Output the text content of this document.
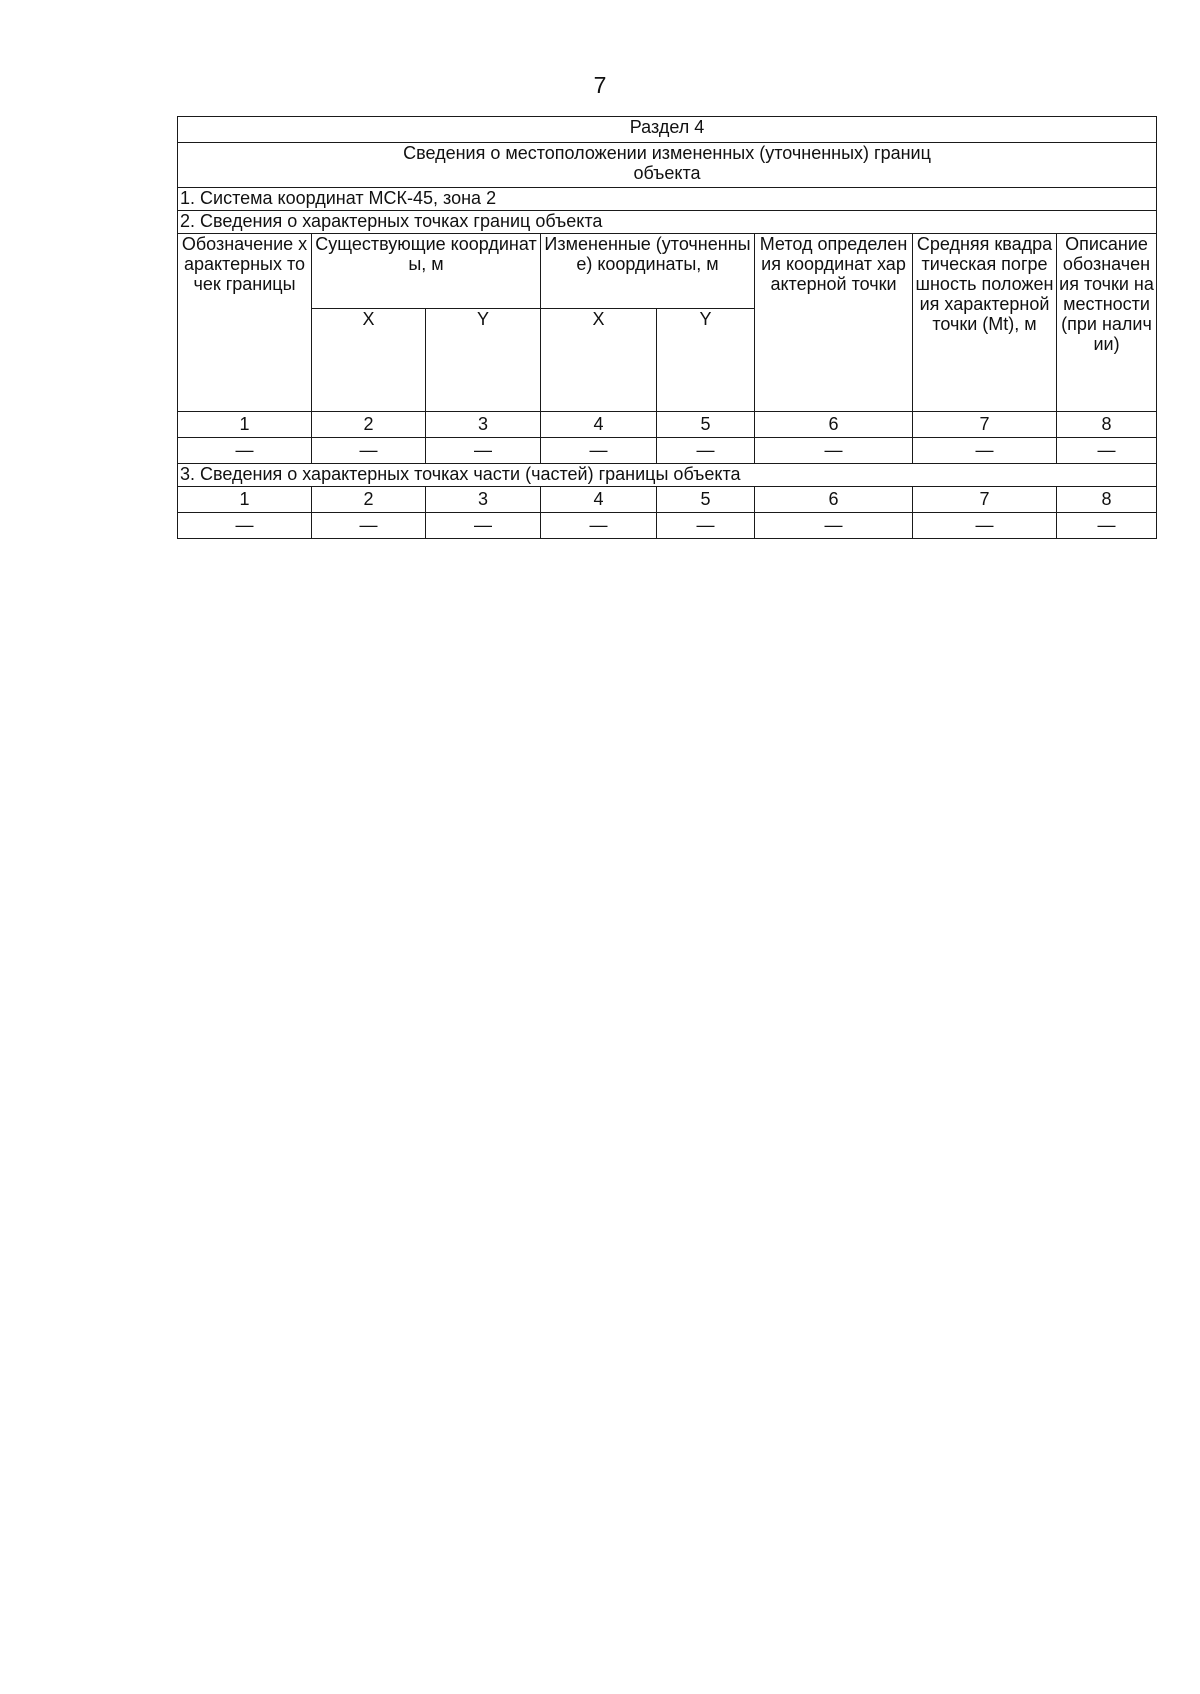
7
Раздел 4							

Сведения о местоположении измененных (уточненных) границ
объекта							

1. Система координат МСК-45, зона 2							
2. Сведения о характерных точках границ объекта							
Обозначение характерных точек границы	Существующие координаты, м		Измененные (уточненные) координаты, м		Метод определения координат характерной точки	Средняя квадратическая погрешность положения характерной точки (Mt), м	Описание обозначения точки на местности (при наличии)
	X	Y	X	Y			
1	2	3	4	5	6	7	8
—	—	—	—	—	—	—	—
3. Сведения о характерных точках части (частей) границы объекта							
1	2	3	4	5	6	7	8
—	—	—	—	—	—	—	—
